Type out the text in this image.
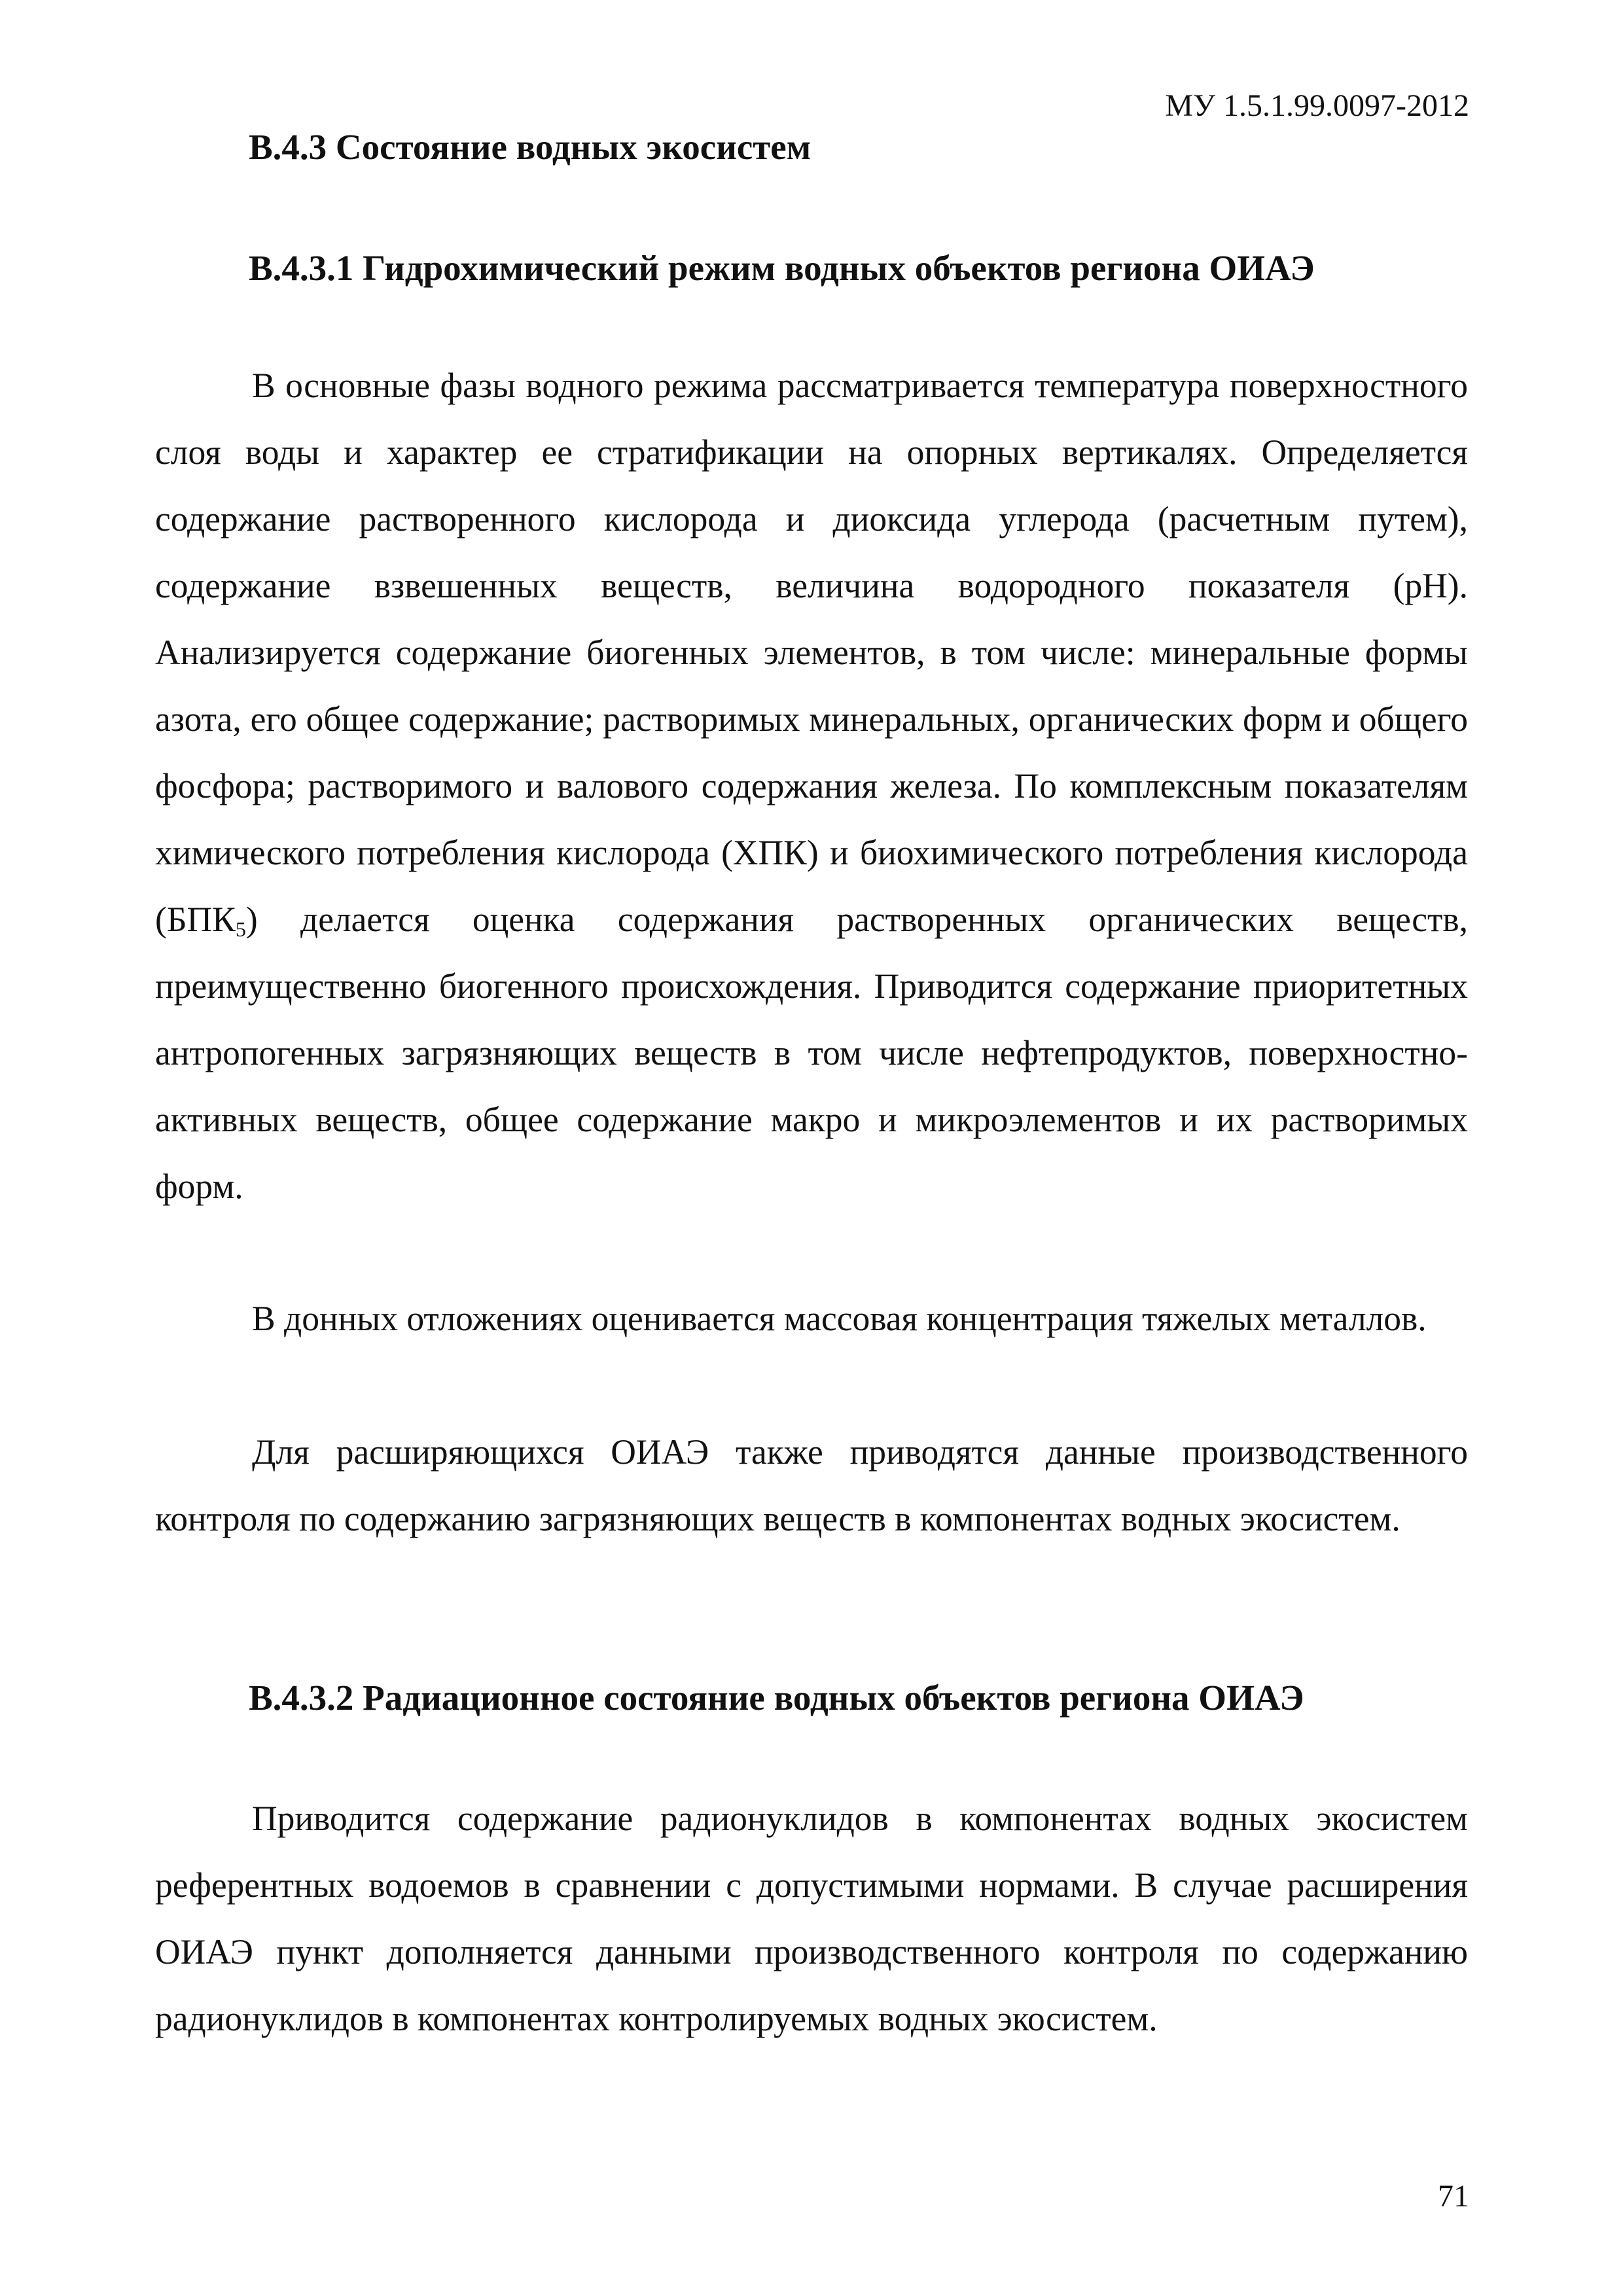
МУ 1.5.1.99.0097-2012
В.4.3 Состояние водных экосистем
В.4.3.1 Гидрохимический режим водных объектов региона ОИАЭ

В основные фазы водного режима рассматривается температура поверхностного слоя воды и характер ее стратификации на опорных вертикалях. Определяется содержание растворенного кислорода и диоксида углерода (расчетным путем), содержание взвешенных веществ, величина водородного показателя (pH). Анализируется содержание биогенных элементов, в том числе: минеральные формы азота, его общее содержание; растворимых минеральных, органических форм и общего фосфора; растворимого и валового содержания железа. По комплексным показателям химического потребления кислорода (ХПК) и биохимического потребления кислорода $(БПК_5)$ делается оценка содержания растворенных органических веществ, преимущественно биогенного происхождения. Приводится содержание приоритетных антропогенных загрязняющих веществ в том числе нефтепродуктов, поверхностно-активных веществ, общее содержание макро и микроэлементов и их растворимых форм.

В донных отложениях оценивается массовая концентрация тяжелых металлов.

Для расширяющихся ОИАЭ также приводятся данные производственного контроля по содержанию загрязняющих веществ в компонентах водных экосистем.

В.4.3.2 Радиационное состояние водных объектов региона ОИАЭ

Приводится содержание радионуклидов в компонентах водных экосистем референтных водоемов в сравнении с допустимыми нормами. В случае расширения ОИАЭ пункт дополняется данными производственного контроля по содержанию радионуклидов в компонентах контролируемых водных экосистем.

71
